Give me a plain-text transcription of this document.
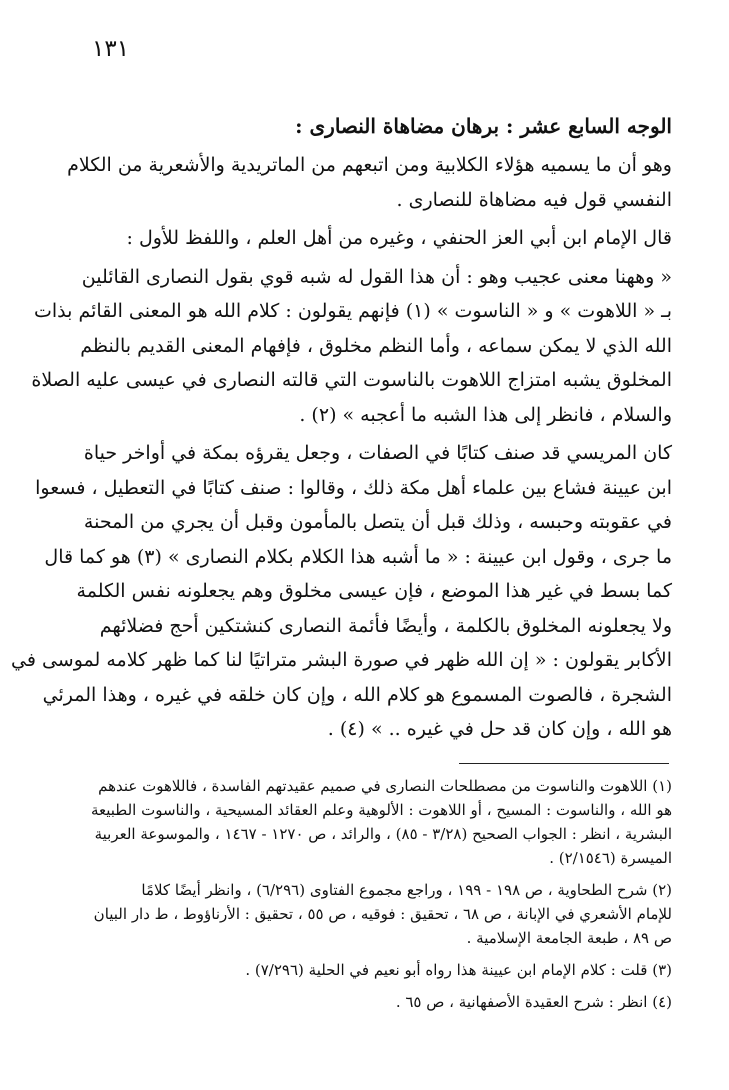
١٣١
الوجه السابع عشر : برهان مضاهاة النصارى :
وهو أن ما يسميه هؤلاء الكلابية ومن اتبعهم من الماتريدية والأشعرية من الكلام
النفسي قول فيه مضاهاة للنصارى .
قال الإمام ابن أبي العز الحنفي ، وغيره من أهل العلم ، واللفظ للأول :
« وههنا معنى عجيب وهو : أن هذا القول له شبه قوي بقول النصارى القائلين
بـ « اللاهوت » و « الناسوت » (١) فإنهم يقولون : كلام الله هو المعنى القائم بذات
الله الذي لا يمكن سماعه ، وأما النظم مخلوق ، فإفهام المعنى القديم بالنظم
المخلوق يشبه امتزاج اللاهوت بالناسوت التي قالته النصارى في عيسى عليه الصلاة
والسلام ، فانظر إلى هذا الشبه ما أعجبه » (٢) .
كان المريسي قد صنف كتابًا في الصفات ، وجعل يقرؤه بمكة في أواخر حياة
ابن عيينة فشاع بين علماء أهل مكة ذلك ، وقالوا : صنف كتابًا في التعطيل ، فسعوا
في عقوبته وحبسه ، وذلك قبل أن يتصل بالمأمون وقبل أن يجري من المحنة
ما جرى ، وقول ابن عيينة : « ما أشبه هذا الكلام بكلام النصارى » (٣) هو كما قال
كما بسط في غير هذا الموضع ، فإن عيسى مخلوق وهم يجعلونه نفس الكلمة
ولا يجعلونه المخلوق بالكلمة ، وأيضًا فأئمة النصارى كنشتكين أحج فضلائهم
الأكابر يقولون : « إن الله ظهر في صورة البشر متراتيًا لنا كما ظهر كلامه لموسى في
الشجرة ، فالصوت المسموع هو كلام الله ، وإن كان خلقه في غيره ، وهذا المرئي
هو الله ، وإن كان قد حل في غيره .. » (٤) .
(١) اللاهوت والناسوت من مصطلحات النصارى في صميم عقيدتهم الفاسدة ، فاللاهوت عندهم
هو الله ، والناسوت : المسيح ، أو اللاهوت : الألوهية وعلم العقائد المسيحية ، والناسوت الطبيعة
البشرية ، انظر : الجواب الصحيح (٣/٢٨ - ٨٥) ، والرائد ، ص ١٢٧٠ - ١٤٦٧ ، والموسوعة العربية
الميسرة (٢/١٥٤٦) .
(٢) شرح الطحاوية ، ص ١٩٨ - ١٩٩ ، وراجع مجموع الفتاوى (٦/٢٩٦) ، وانظر أيضًا كلامًا
للإمام الأشعري في الإبانة ، ص ٦٨ ، تحقيق : فوقيه ، ص ٥٥ ، تحقيق : الأرناؤوط ، ط دار البيان
ص ٨٩ ، طبعة الجامعة الإسلامية .
(٣) قلت : كلام الإمام ابن عيينة هذا رواه أبو نعيم في الحلية (٧/٢٩٦) .
(٤) انظر : شرح العقيدة الأصفهانية ، ص ٦٥ .
